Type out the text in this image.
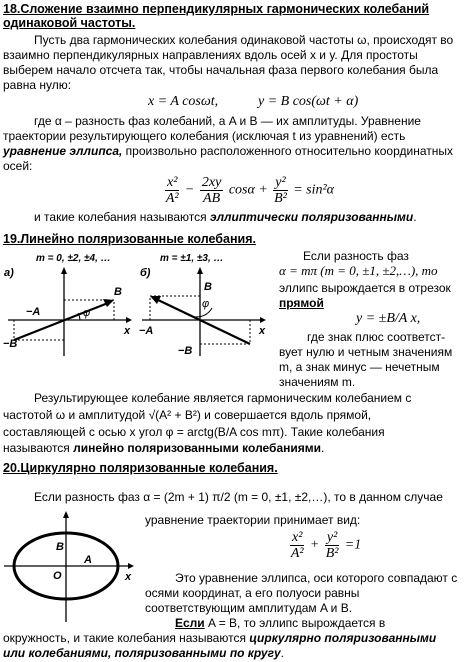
18.Сложение взаимно перпендикулярных гармонических колебаний
одинаковой частоты.
Пусть два гармонических колебания одинаковой частоты ω, происходят во
взаимно перпендикулярных направлениях вдоль осей x и y. Для простоты
выберем начало отсчета так, чтобы начальная фаза первого колебания была
равна нулю:
x = A cosωt,	y = B cos(ωt + α)
где α – разность фаз колебаний, а A и B — их амплитуды. Уравнение
траектории результирующего колебания (исключая t из уравнений) есть
уравнение эллипса, произвольно расположенного относительно координатных
осей:
$\frac{\text{x²}}{\text{A²}} - \frac{2xy}{AB}$ $\cos\alpha + \frac{\text{y²}}{\text{B²}} = \sin^2\alpha$
и такие колебания называются эллиптически поляризованными.
19.Линейно поляризованные колебания.
а)
m = 0, ±2, ±4, …
φ
−A
−B
B
x
б)
m = ±1, ±3, …
φ
−A
−B
B
x
Если разность фаз
α = mπ (m = 0, ±1, ±2,…), то
эллипс вырождается в отрезок
прямой
y = ±B/A x,
где знак плюс соответст-
вует нулю и четным значениям
m, а знак минус — нечетным
значениям m.
Результирующее колебание является гармоническим колебанием с
частотой ω и амплитудой √(A² + B²) и совершается вдоль прямой,
составляющей с осью x угол φ = arctg(B/A cos mπ). Такие колебания
называются линейно поляризованными колебаниями.
20.Циркулярно поляризованные колебания.
Если разность фаз α = (2m + 1) π/2 (m = 0, ±1, ±2,…), то в данном случае
уравнение траектории принимает вид:
$\frac{\text{x²}}{\text{A²}} + \frac{\text{y²}}{\text{B²}} =1$
B
A
O	x	Это уравнение эллипса, оси которого совпадают с
осями координат, а его полуоси равны
соответствующим амплитудам A и B.
Если A = B, то эллипс вырождается в
окружность, и такие колебания называются циркулярно поляризованными
или колебаниями, поляризованными по кругу.
